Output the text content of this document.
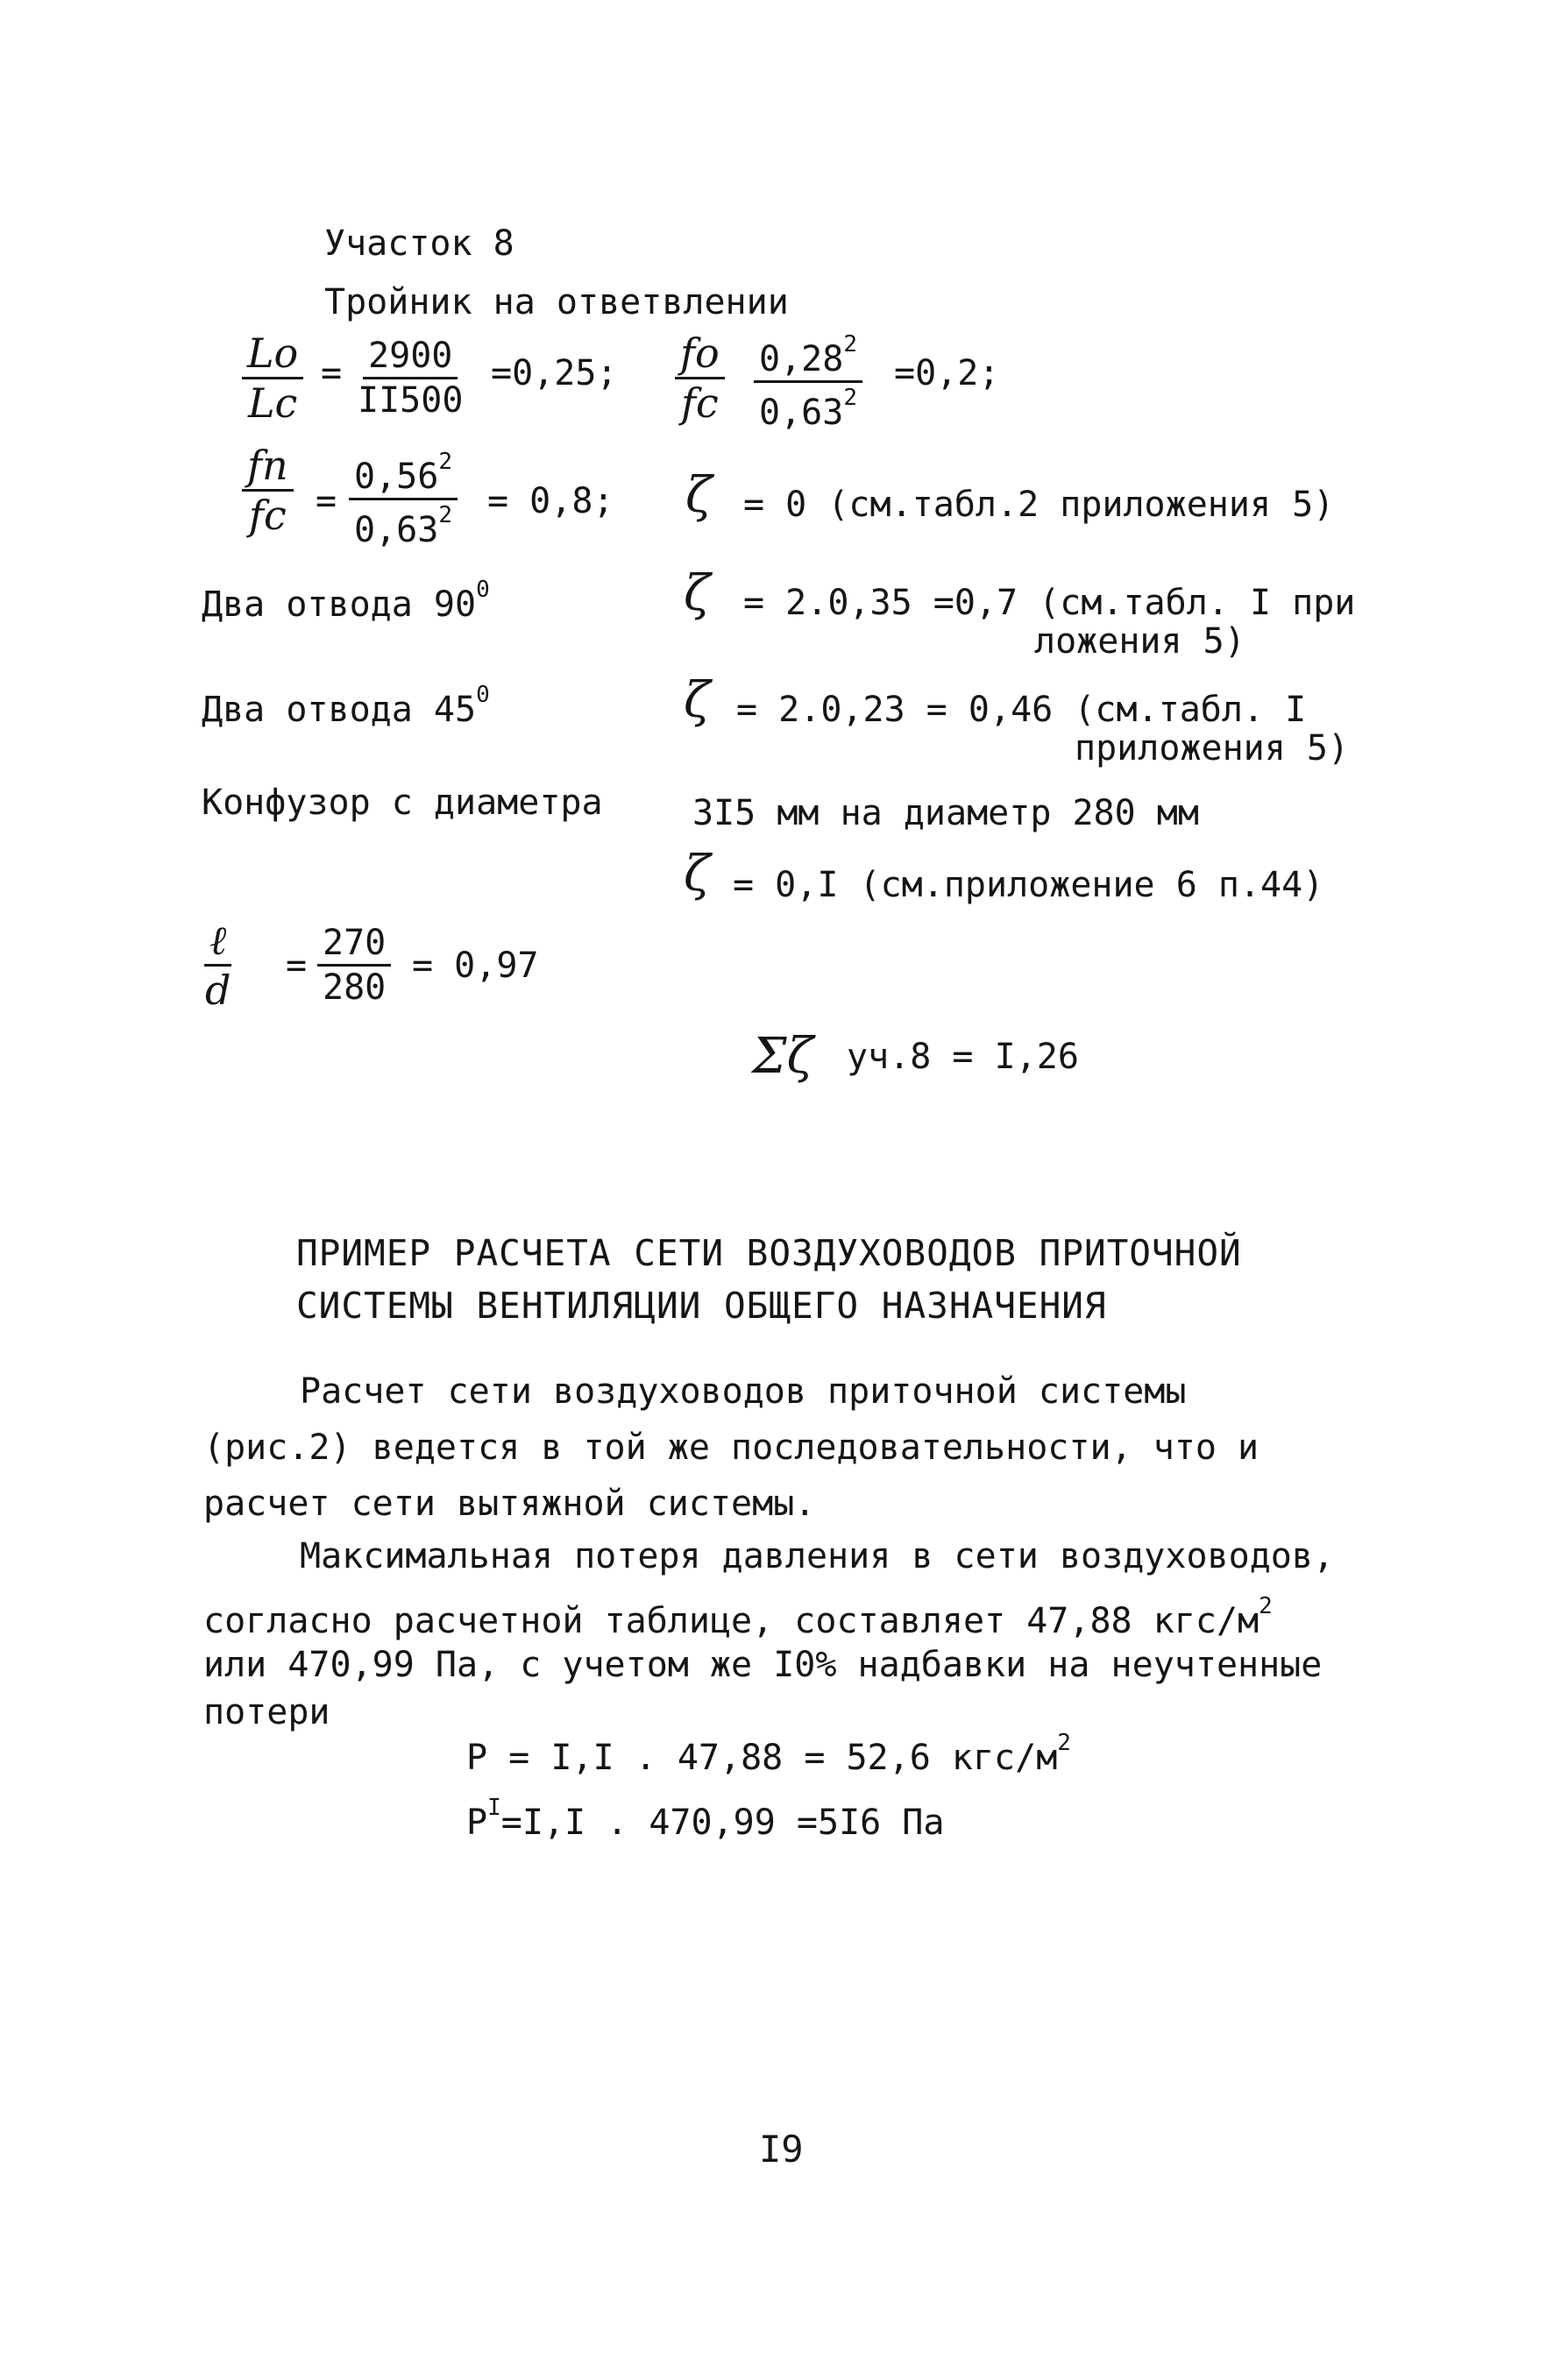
Участок 8
Тройник на ответвлении
Lo
Lc
= 2900
II500
=0,25; fo
fc
0,28$^2$
$0,63^2$
=0,2;
fn
fc =
$0,56^2$
$0,63^2 = 0,8$; ζ = 0 (см.табл.2 приложения 5)
Два отвода $90^0$	ζ = 2.0,35 =0,7 (см.табл. I при
ложения 5)
Два отвода $45^0$	ζ = 2.0,23 = 0,46 (см.табл. I
приложения 5)
Конфузор с диаметра	3I5 мм на диаметр 280 мм
ζ = 0,I (см.приложение 6 п.44)
ℓ
d
=
270
280
= 0,97
Σζ уч.8 = I,26
ПРИМЕР РАСЧЕТА СЕТИ ВОЗДУХОВОДОВ ПРИТОЧНОЙ
СИСТЕМЫ ВЕНТИЛЯЦИИ ОБЩЕГО НАЗНАЧЕНИЯ
Расчет сети воздуховодов приточной системы
(рис.2) ведется в той же последовательности, что и
расчет сети вытяжной системы.
Максимальная потеря давления в сети воздуховодов,
согласно расчетной таблице, составляет 47,88 кгс/$м^2$
или 470,99 Па, с учетом же I0% надбавки на неучтенные
потери
P = I,I . 47,88 = 52,6 кгс/$м^2$
$P^I=I,I$ . 470,99 =5I6 Па
I9
